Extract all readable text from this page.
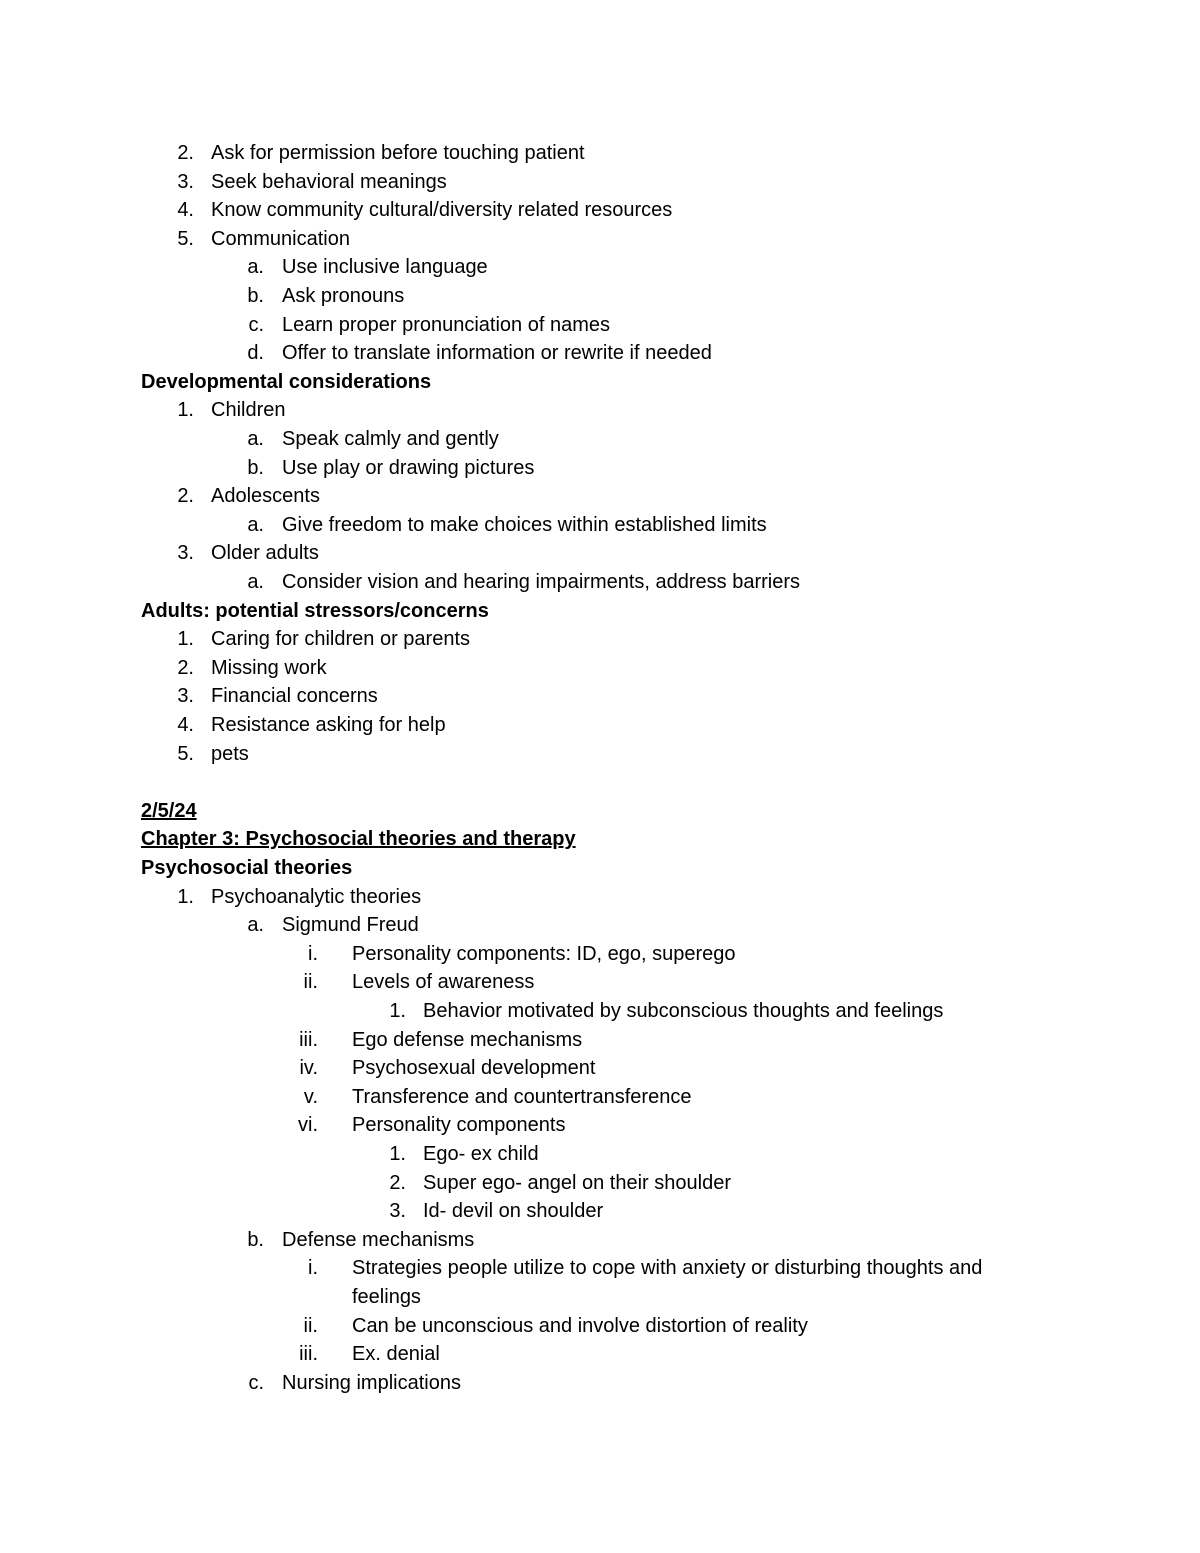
2. Ask for permission before touching patient
3. Seek behavioral meanings
4. Know community cultural/diversity related resources
5. Communication
a. Use inclusive language
b. Ask pronouns
c. Learn proper pronunciation of names
d. Offer to translate information or rewrite if needed
Developmental considerations
1. Children
a. Speak calmly and gently
b. Use play or drawing pictures
2. Adolescents
a. Give freedom to make choices within established limits
3. Older adults
a. Consider vision and hearing impairments, address barriers
Adults: potential stressors/concerns
1. Caring for children or parents
2. Missing work
3. Financial concerns
4. Resistance asking for help
5. pets
2/5/24
Chapter 3: Psychosocial theories and therapy
Psychosocial theories
1. Psychoanalytic theories
a. Sigmund Freud
i. Personality components: ID, ego, superego
ii. Levels of awareness
1. Behavior motivated by subconscious thoughts and feelings
iii. Ego defense mechanisms
iv. Psychosexual development
v. Transference and countertransference
vi. Personality components
1. Ego- ex child
2. Super ego- angel on their shoulder
3. Id- devil on shoulder
b. Defense mechanisms
i. Strategies people utilize to cope with anxiety or disturbing thoughts and
feelings
ii. Can be unconscious and involve distortion of reality
iii. Ex. denial
c. Nursing implications
